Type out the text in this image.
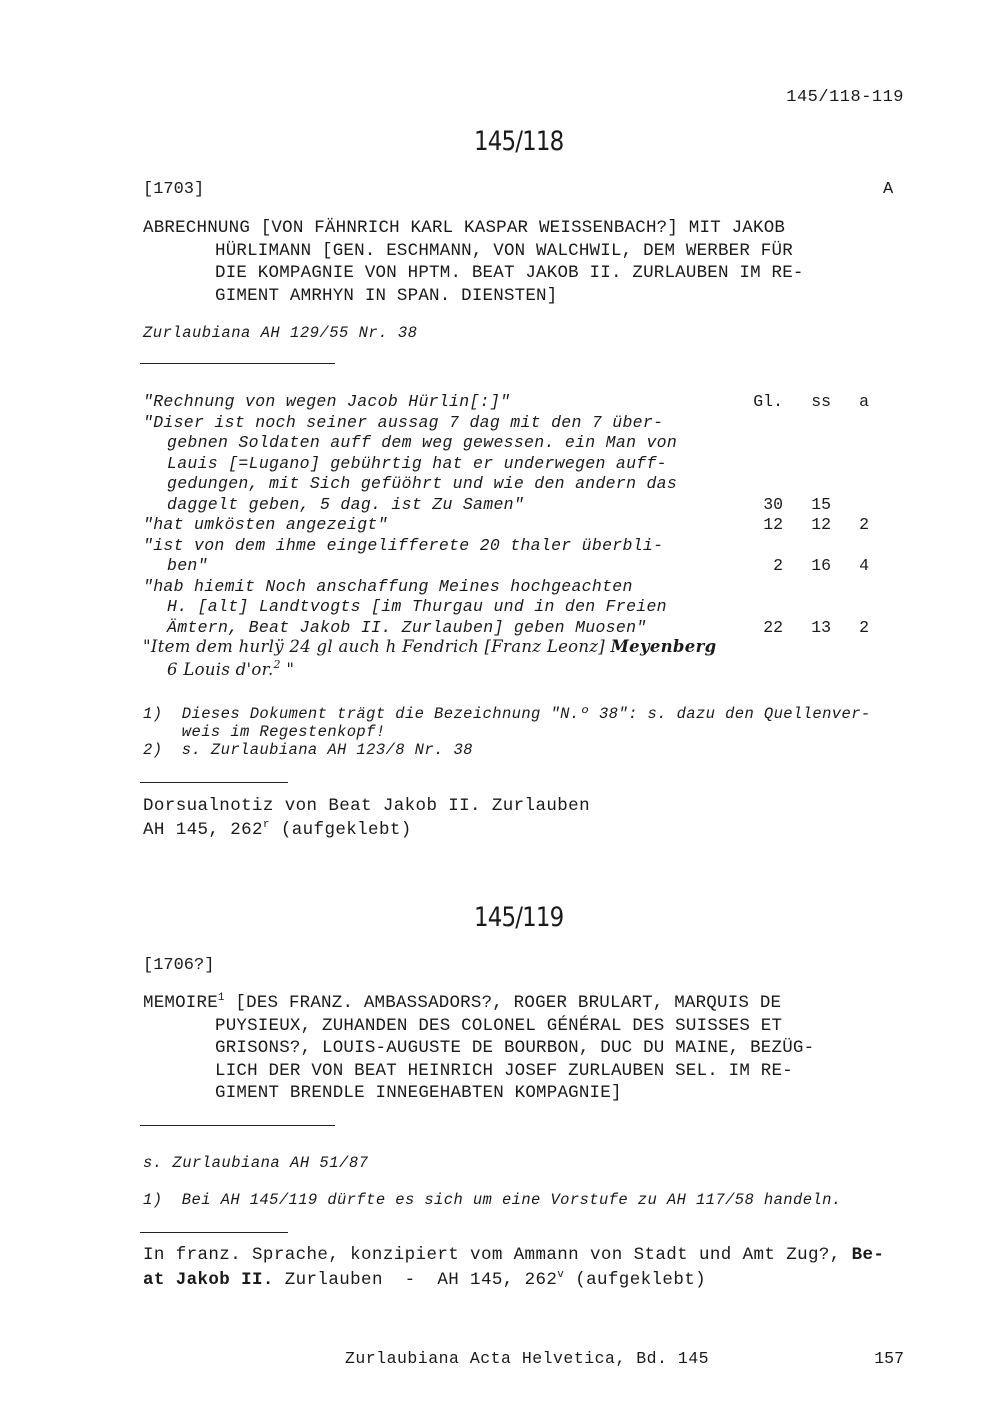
145/118-119
145/118
[1703]	A
ABRECHNUNG [VON FÄHNRICH KARL KASPAR WEISSENBACH?] MIT JAKOB
HÜRLIMANN [GEN. ESCHMANN, VON WALCHWIL, DEM WERBER FÜR
DIE KOMPAGNIE VON HPTM. BEAT JAKOB II. ZURLAUBEN IM RE-
GIMENT AMRHYN IN SPAN. DIENSTEN]
Zurlaubiana AH 129/55 Nr. 38
"Rechnung von wegen Jacob Hürlin[:]"	Gl.	ss	a
"Diser ist noch seiner aussag 7 dag mit den 7 über-
gebnen Soldaten auff dem weg gewessen. ein Man von
Lauis [=Lugano] gebührtig hat er underwegen auff-
gedungen, mit Sich gefüöhrt und wie den andern das
daggelt geben, 5 dag. ist Zu Samen"	30	15
"hat umkösten angezeigt"	12	12	2
"ist von dem ihme eingelifferete 20 thaler überbli-
ben"	2	16	4
"hab hiemit Noch anschaffung Meines hochgeachten
H. [alt] Landtvogts [im Thurgau und in den Freien
Ämtern, Beat Jakob II. Zurlauben] geben Muosen"	22	13	2
"Item dem hurlÿ 24 gl auch h Fendrich [Franz Leonz] Meyenberg
6 Louis d'or.$^2$ "
1)  Dieses Dokument trägt die Bezeichnung "N.º 38": s. dazu den Quellenver-
weis im Regestenkopf!
2)  s. Zurlaubiana AH 123/8 Nr. 38
Dorsualnotiz von Beat Jakob II. Zurlauben
AH 145, 262$^r$ (aufgeklebt)
145/119
[1706?]
MEMOIRE$^1$ [DES FRANZ. AMBASSADORS?, ROGER BRULART, MARQUIS DE
PUYSIEUX, ZUHANDEN DES COLONEL GÉNÉRAL DES SUISSES ET
GRISONS?, LOUIS-AUGUSTE DE BOURBON, DUC DU MAINE, BEZÜG-
LICH DER VON BEAT HEINRICH JOSEF ZURLAUBEN SEL. IM RE-
GIMENT BRENDLE INNEGEHABTEN KOMPAGNIE]
s. Zurlaubiana AH 51/87
1)  Bei AH 145/119 dürfte es sich um eine Vorstufe zu AH 117/58 handeln.
In franz. Sprache, konzipiert vom Ammann von Stadt und Amt Zug?, Be-
at Jakob II. Zurlauben  -  AH 145, 262$^v$ (aufgeklebt)
Zurlaubiana Acta Helvetica, Bd. 145	157
